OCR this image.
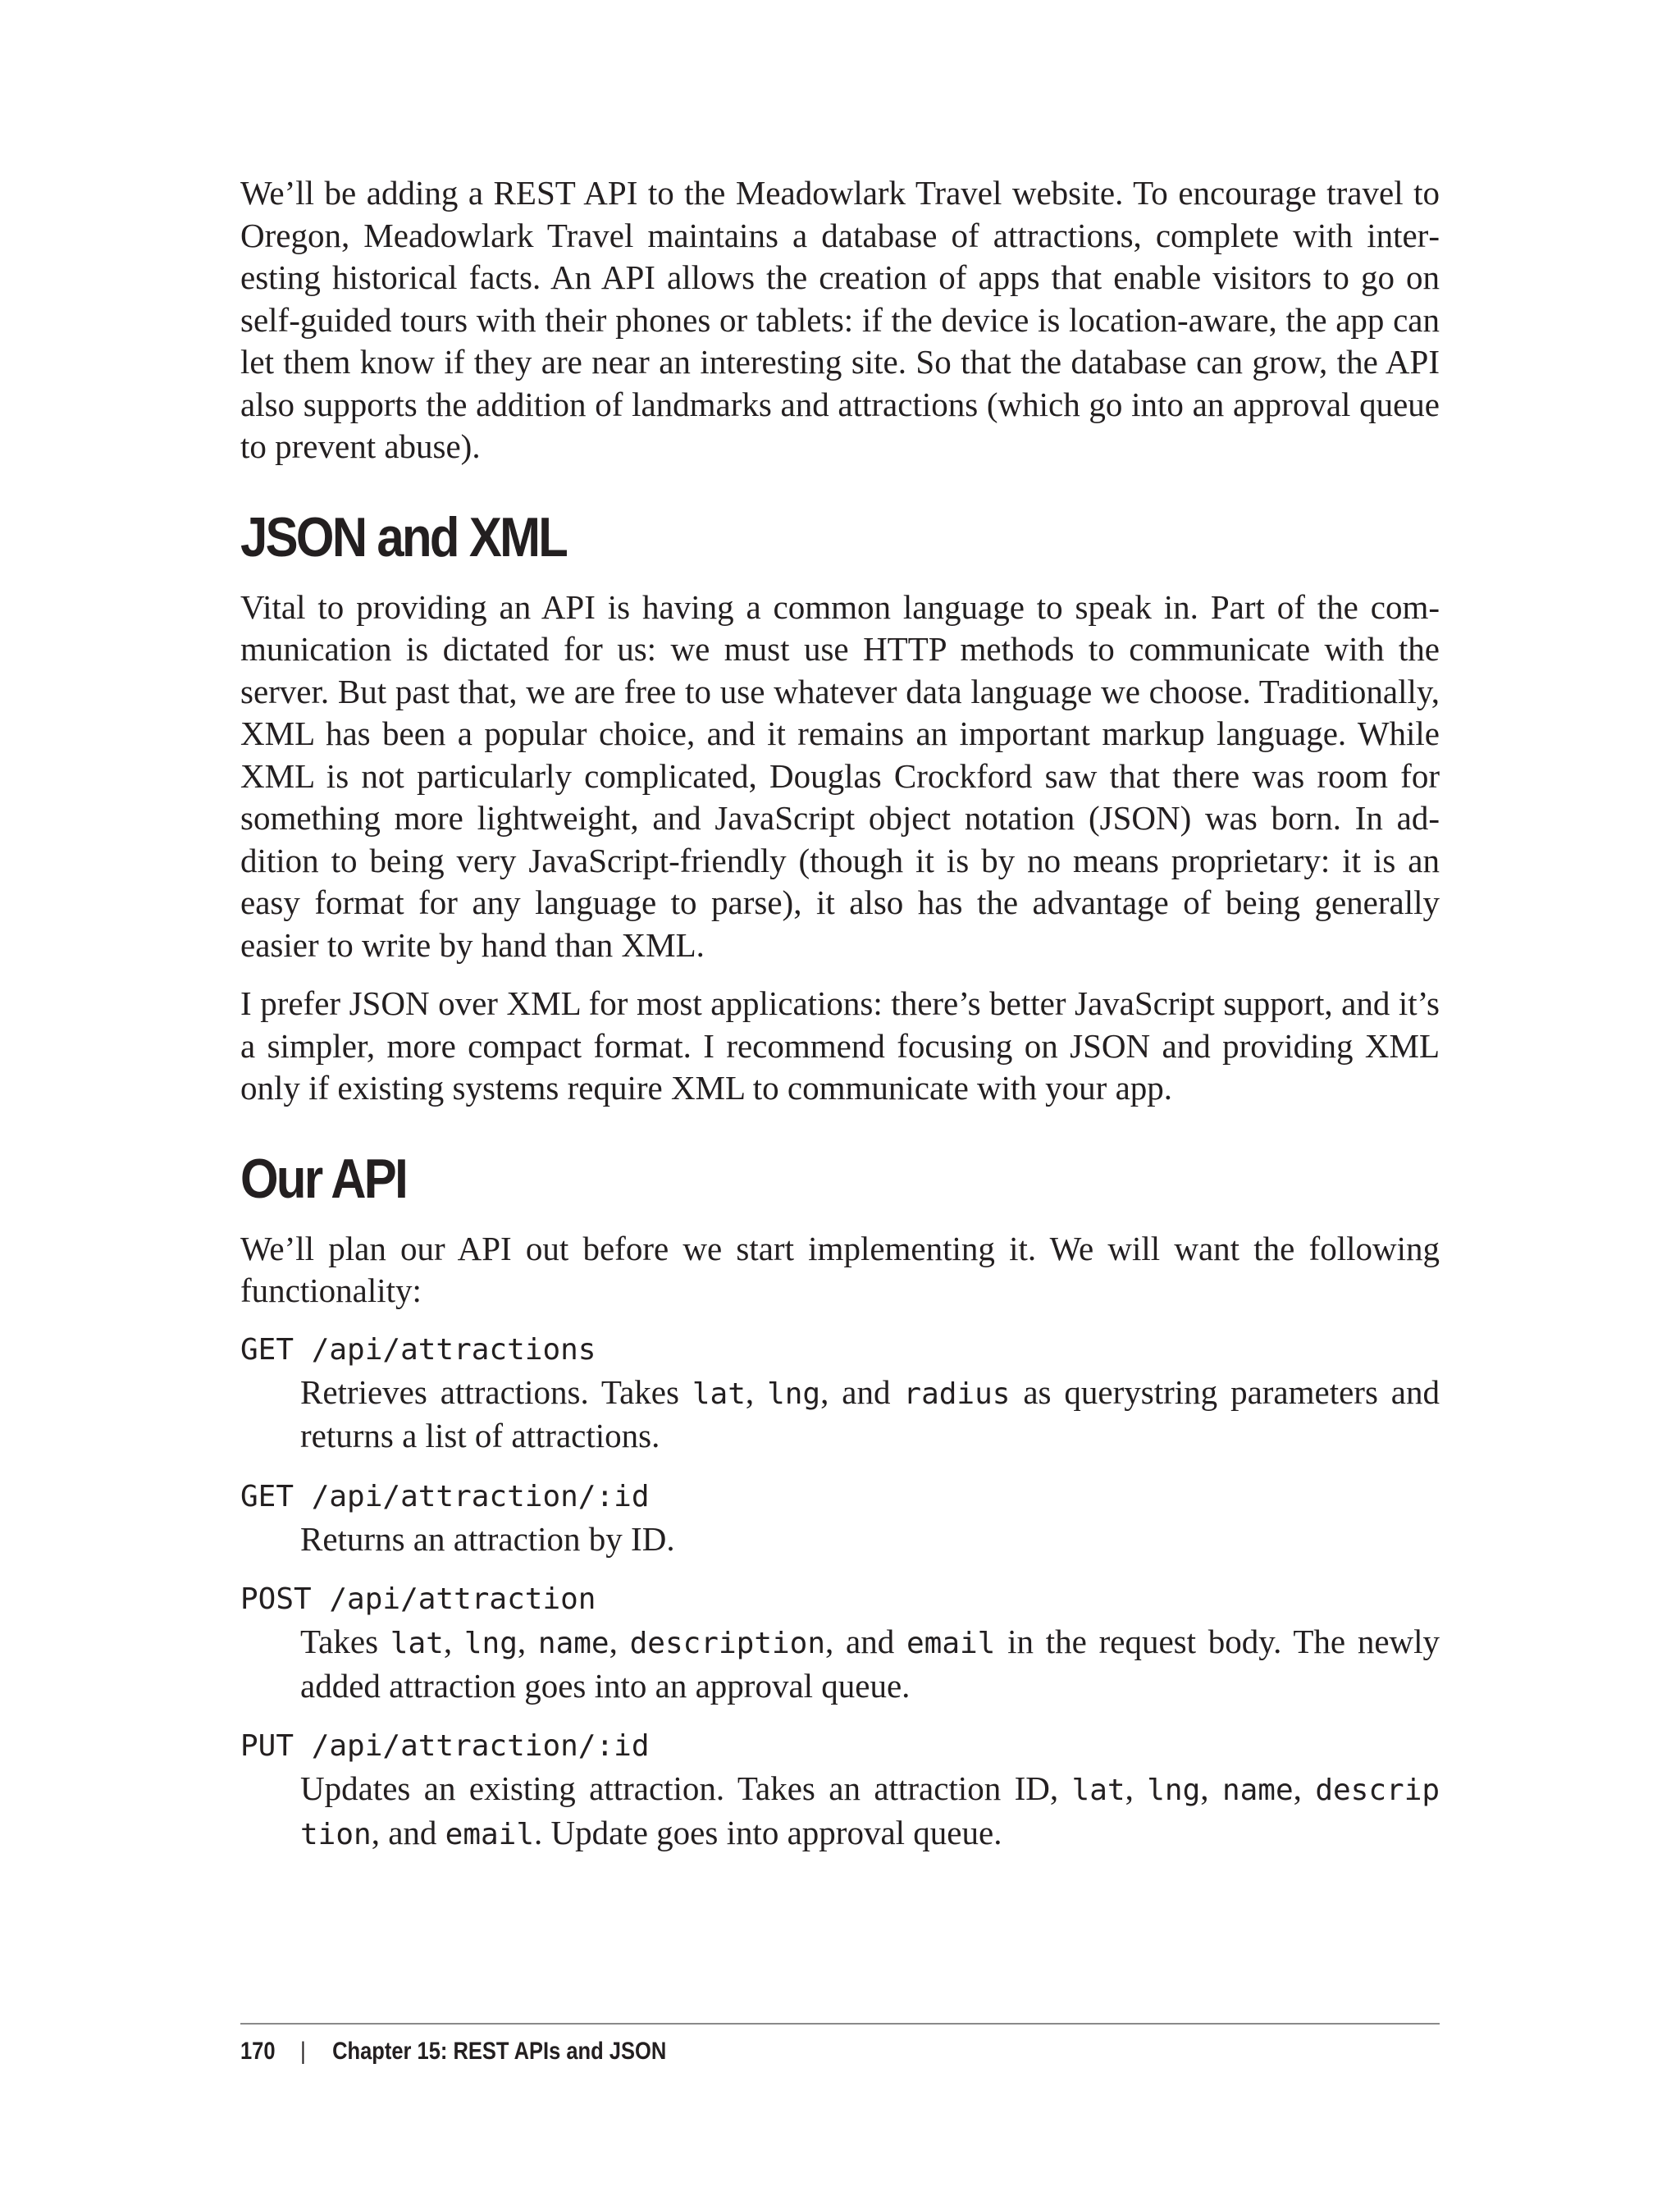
We’ll be adding a REST API to the Meadowlark Travel website. To encourage travel to Oregon, Meadowlark Travel maintains a database of attractions, complete with interesting historical facts. An API allows the creation of apps that enable visitors to go on self-guided tours with their phones or tablets: if the device is location-aware, the app can let them know if they are near an interesting site. So that the database can grow, the API also supports the addition of landmarks and attractions (which go into an approval queue to prevent abuse).

JSON and XML

Vital to providing an API is having a common language to speak in. Part of the communication is dictated for us: we must use HTTP methods to communicate with the server. But past that, we are free to use whatever data language we choose. Traditionally, XML has been a popular choice, and it remains an important markup language. While XML is not particularly complicated, Douglas Crockford saw that there was room for something more lightweight, and JavaScript object notation (JSON) was born. In addition to being very JavaScript-friendly (though it is by no means proprietary: it is an easy format for any language to parse), it also has the advantage of being generally easier to write by hand than XML.

I prefer JSON over XML for most applications: there’s better JavaScript support, and it’s a simpler, more compact format. I recommend focusing on JSON and providing XML only if existing systems require XML to communicate with your app.

Our API

We’ll plan our API out before we start implementing it. We will want the following functionality:

GET /api/attractions
Retrieves attractions. Takes lat, lng, and radius as querystring parameters and returns a list of attractions.
GET /api/attraction/:id
Returns an attraction by ID.
POST /api/attraction
Takes lat, lng, name, description, and email in the request body. The newly added attraction goes into an approval queue.
PUT /api/attraction/:id
Updates an existing attraction. Takes an attraction ID, lat, lng, name, descrip tion, and email. Update goes into approval queue.
170 | Chapter 15: REST APIs and JSON
